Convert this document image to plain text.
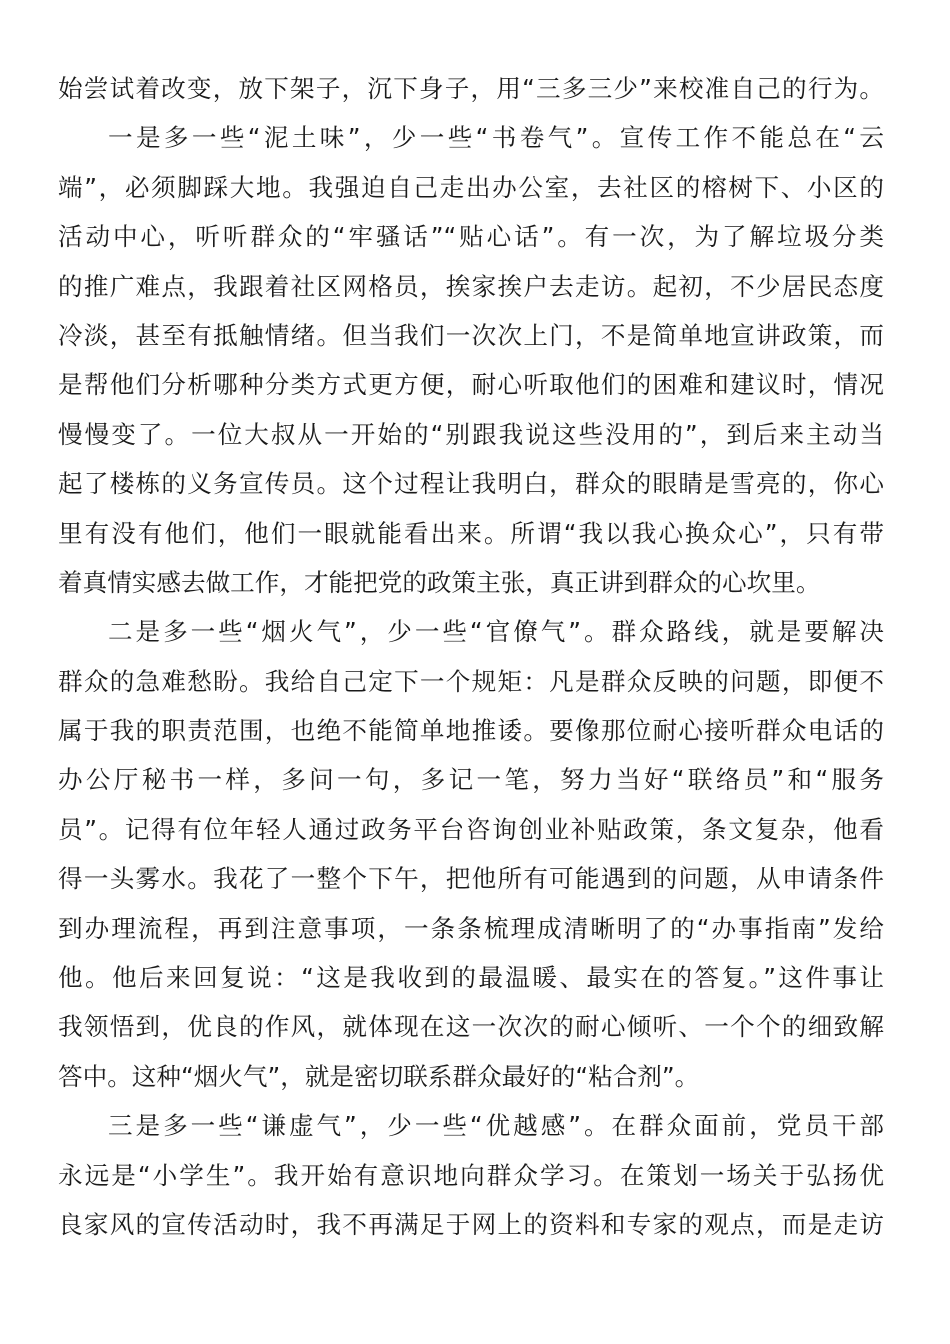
始尝试着改变，放下架子，沉下身子，用“三多三少”来校准自己的行为。
一是多一些“泥土味”，少一些“书卷气”。宣传工作不能总在“云
端”，必须脚踩大地。我强迫自己走出办公室，去社区的榕树下、小区的
活动中心，听听群众的“牢骚话”“贴心话”。有一次，为了解垃圾分类
的推广难点，我跟着社区网格员，挨家挨户去走访。起初，不少居民态度
冷淡，甚至有抵触情绪。但当我们一次次上门，不是简单地宣讲政策，而
是帮他们分析哪种分类方式更方便，耐心听取他们的困难和建议时，情况
慢慢变了。一位大叔从一开始的“别跟我说这些没用的”，到后来主动当
起了楼栋的义务宣传员。这个过程让我明白，群众的眼睛是雪亮的，你心
里有没有他们，他们一眼就能看出来。所谓“我以我心换众心”，只有带
着真情实感去做工作，才能把党的政策主张，真正讲到群众的心坎里。
二是多一些“烟火气”，少一些“官僚气”。群众路线，就是要解决
群众的急难愁盼。我给自己定下一个规矩：凡是群众反映的问题，即便不
属于我的职责范围，也绝不能简单地推诿。要像那位耐心接听群众电话的
办公厅秘书一样，多问一句，多记一笔，努力当好“联络员”和“服务
员”。记得有位年轻人通过政务平台咨询创业补贴政策，条文复杂，他看
得一头雾水。我花了一整个下午，把他所有可能遇到的问题，从申请条件
到办理流程，再到注意事项，一条条梳理成清晰明了的“办事指南”发给
他。他后来回复说：“这是我收到的最温暖、最实在的答复。”这件事让
我领悟到，优良的作风，就体现在这一次次的耐心倾听、一个个的细致解
答中。这种“烟火气”，就是密切联系群众最好的“粘合剂”。
三是多一些“谦虚气”，少一些“优越感”。在群众面前，党员干部
永远是“小学生”。我开始有意识地向群众学习。在策划一场关于弘扬优
良家风的宣传活动时，我不再满足于网上的资料和专家的观点，而是走访
